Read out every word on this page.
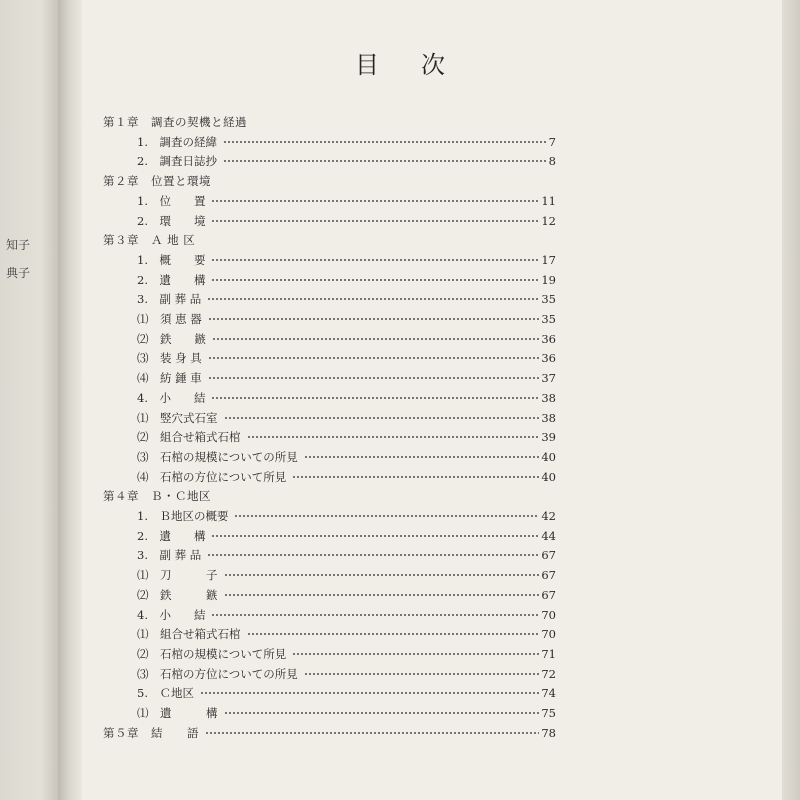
知子
典子
目次
第１章　調査の契機と経過
1.　調査の経緯	7
2.　調査日誌抄	8
第２章　位置と環境
1.　位　　置	11
2.　環　　境	12
第３章　Ａ 地 区
1.　概　　要	17
2.　遺　　構	19
3.　副 葬 品	35
⑴　須 恵 器	35
⑵　鉄　　鏃	36
⑶　装 身 具	36
⑷　紡 錘 車	37
4.　小　　結	38
⑴　竪穴式石室	38
⑵　組合せ箱式石棺	39
⑶　石棺の規模についての所見	40
⑷　石棺の方位について所見	40
第４章　Ｂ・Ｃ地区
1.　Ｂ地区の概要	42
2.　遺　　構	44
3.　副 葬 品	67
⑴　刀　　　子	67
⑵　鉄　　　鏃	67
4.　小　　結	70
⑴　組合せ箱式石棺	70
⑵　石棺の規模について所見	71
⑶　石棺の方位についての所見	72
5.　Ｃ地区	74
⑴　遺　　　構	75
第５章　結　　語	78
